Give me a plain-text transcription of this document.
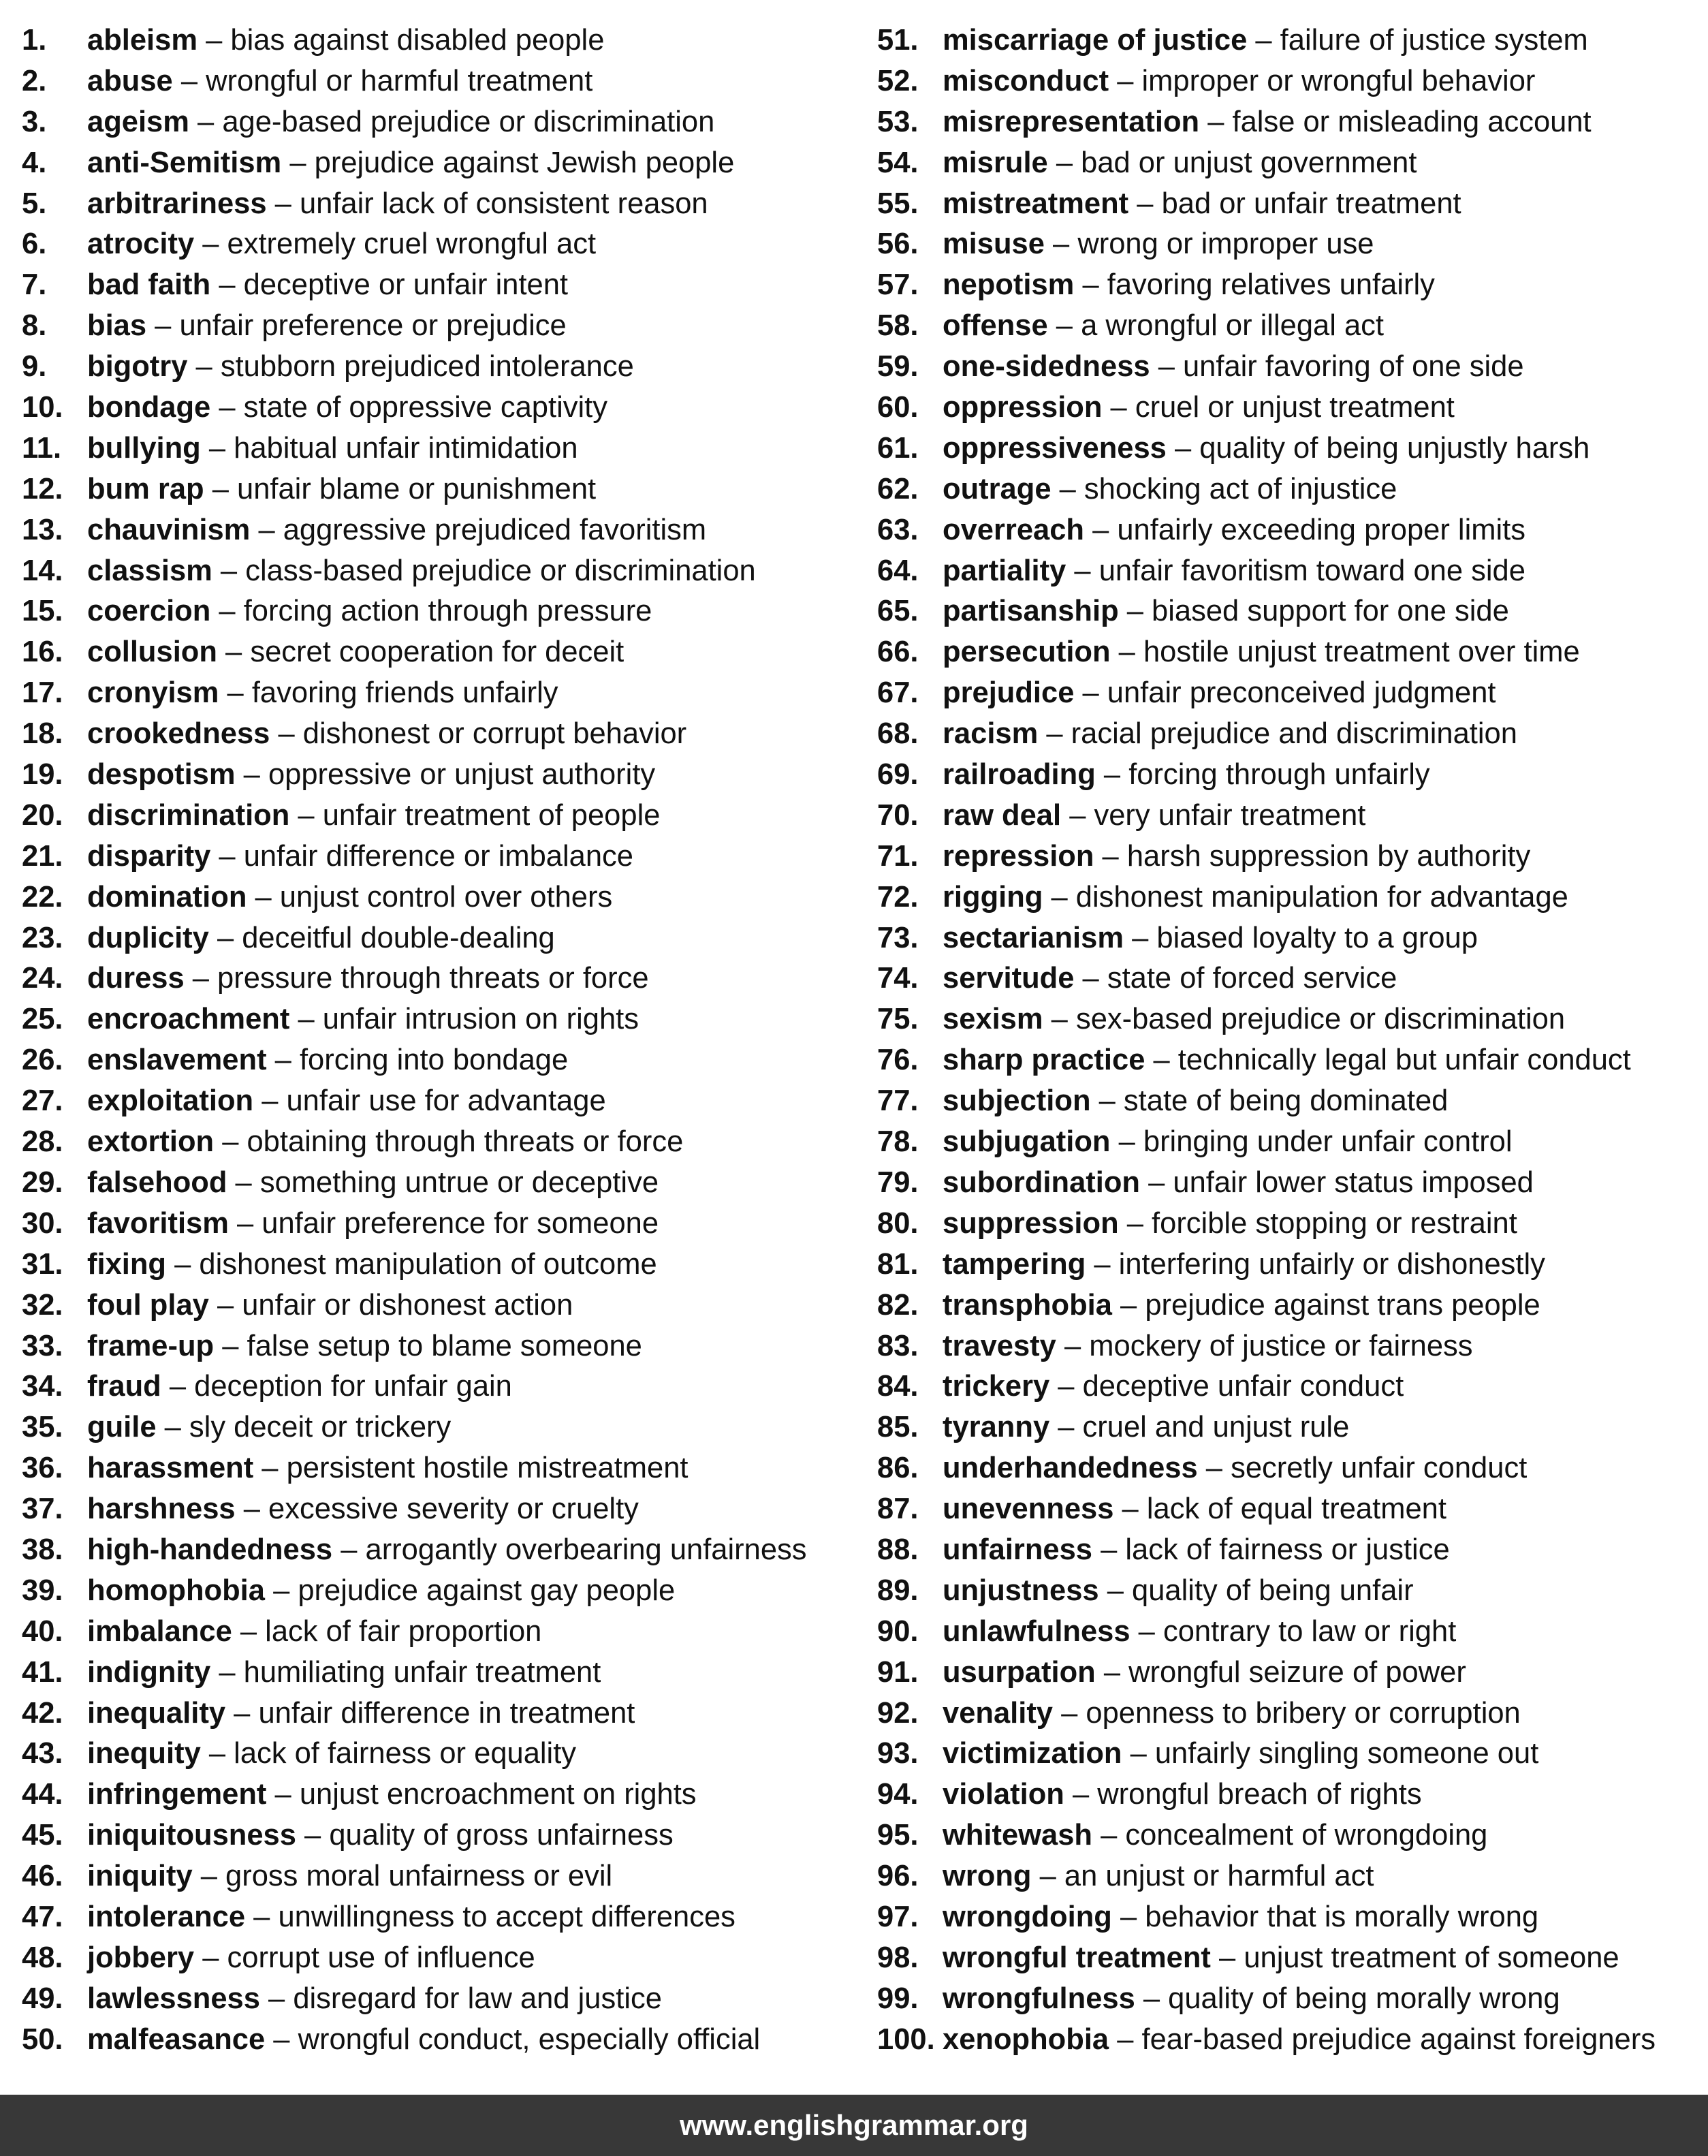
1.	ableism
–
bias against disabled people
2.	abuse
–
wrongful or harmful treatment
3.	ageism
–
age-based prejudice or discrimination
4.	anti-Semitism
–
prejudice against Jewish people
5.	arbitrariness
–
unfair lack of consistent reason
6.	atrocity
–
extremely cruel wrongful act
7.	bad faith
–
deceptive or unfair intent
8.	bias
–
unfair preference or prejudice
9.	bigotry
–
stubborn prejudiced intolerance
10. bondage
–
state of oppressive captivity
11. bullying
–
habitual unfair intimidation
12. bum rap
–
unfair blame or punishment
13. chauvinism
–
aggressive prejudiced favoritism
14. classism
–
class-based prejudice or discrimination
15. coercion
–
forcing action through pressure
16. collusion
–
secret cooperation for deceit
17. cronyism
–
favoring friends unfairly
18. crookedness
–
dishonest or corrupt behavior
19. despotism
–
oppressive or unjust authority
20. discrimination
–
unfair treatment of people
21. disparity
–
unfair difference or imbalance
22. domination
–
unjust control over others
23. duplicity
–
deceitful double-dealing
24. duress
–
pressure through threats or force
25. encroachment
–
unfair intrusion on rights
26. enslavement
–
forcing into bondage
27. exploitation
–
unfair use for advantage
28. extortion
–
obtaining through threats or force
29. falsehood
–
something untrue or deceptive
30. favoritism
–
unfair preference for someone
31. fixing
–
dishonest manipulation of outcome
32. foul play
–
unfair or dishonest action
33. frame-up
–
false setup to blame someone
34. fraud
–
deception for unfair gain
35. guile
–
sly deceit or trickery
36. harassment
–
persistent hostile mistreatment
37. harshness
–
excessive severity or cruelty
38. high-handedness
–
arrogantly overbearing unfairness
39. homophobia
–
prejudice against gay people
40. imbalance
–
lack of fair proportion
41. indignity
–
humiliating unfair treatment
42. inequality
–
unfair difference in treatment
43. inequity
–
lack of fairness or equality
44. infringement
–
unjust encroachment on rights
45. iniquitousness
–
quality of gross unfairness
46. iniquity
–
gross moral unfairness or evil
47. intolerance
–
unwillingness to accept differences
48. jobbery
–
corrupt use of influence
49. lawlessness
–
disregard for law and justice
50. malfeasance
–
wrongful conduct, especially official
51. miscarriage of justice
–
failure of justice system
52. misconduct
–
improper or wrongful behavior
53. misrepresentation
–
false or misleading account
54. misrule
–
bad or unjust government
55. mistreatment
–
bad or unfair treatment
56. misuse
–
wrong or improper use
57. nepotism
–
favoring relatives unfairly
58. offense
–
a wrongful or illegal act
59. one-sidedness
–
unfair favoring of one side
60. oppression
–
cruel or unjust treatment
61. oppressiveness
–
quality of being unjustly harsh
62. outrage
–
shocking act of injustice
63. overreach
–
unfairly exceeding proper limits
64. partiality
–
unfair favoritism toward one side
65. partisanship
–
biased support for one side
66. persecution
–
hostile unjust treatment over time
67. prejudice
–
unfair preconceived judgment
68. racism
–
racial prejudice and discrimination
69. railroading
–
forcing through unfairly
70. raw deal
–
very unfair treatment
71. repression
–
harsh suppression by authority
72. rigging
–
dishonest manipulation for advantage
73. sectarianism
–
biased loyalty to a group
74. servitude
–
state of forced service
75. sexism
–
sex-based prejudice or discrimination
76. sharp practice
–
technically legal but unfair conduct
77. subjection
–
state of being dominated
78. subjugation
–
bringing under unfair control
79. subordination
–
unfair lower status imposed
80. suppression
–
forcible stopping or restraint
81. tampering
–
interfering unfairly or dishonestly
82. transphobia
–
prejudice against trans people
83. travesty
–
mockery of justice or fairness
84. trickery
–
deceptive unfair conduct
85. tyranny
–
cruel and unjust rule
86. underhandedness
–
secretly unfair conduct
87. unevenness
–
lack of equal treatment
88. unfairness
–
lack of fairness or justice
89. unjustness
–
quality of being unfair
90. unlawfulness
–
contrary to law or right
91. usurpation
–
wrongful seizure of power
92. venality
–
openness to bribery or corruption
93. victimization
–
unfairly singling someone out
94. violation
–
wrongful breach of rights
95. whitewash
–
concealment of wrongdoing
96. wrong
–
an unjust or harmful act
97. wrongdoing
–
behavior that is morally wrong
98. wrongful treatment
–
unjust treatment of someone
99. wrongfulness
–
quality of being morally wrong
100. xenophobia
–
fear-based prejudice against foreigners
www.englishgrammar.org
